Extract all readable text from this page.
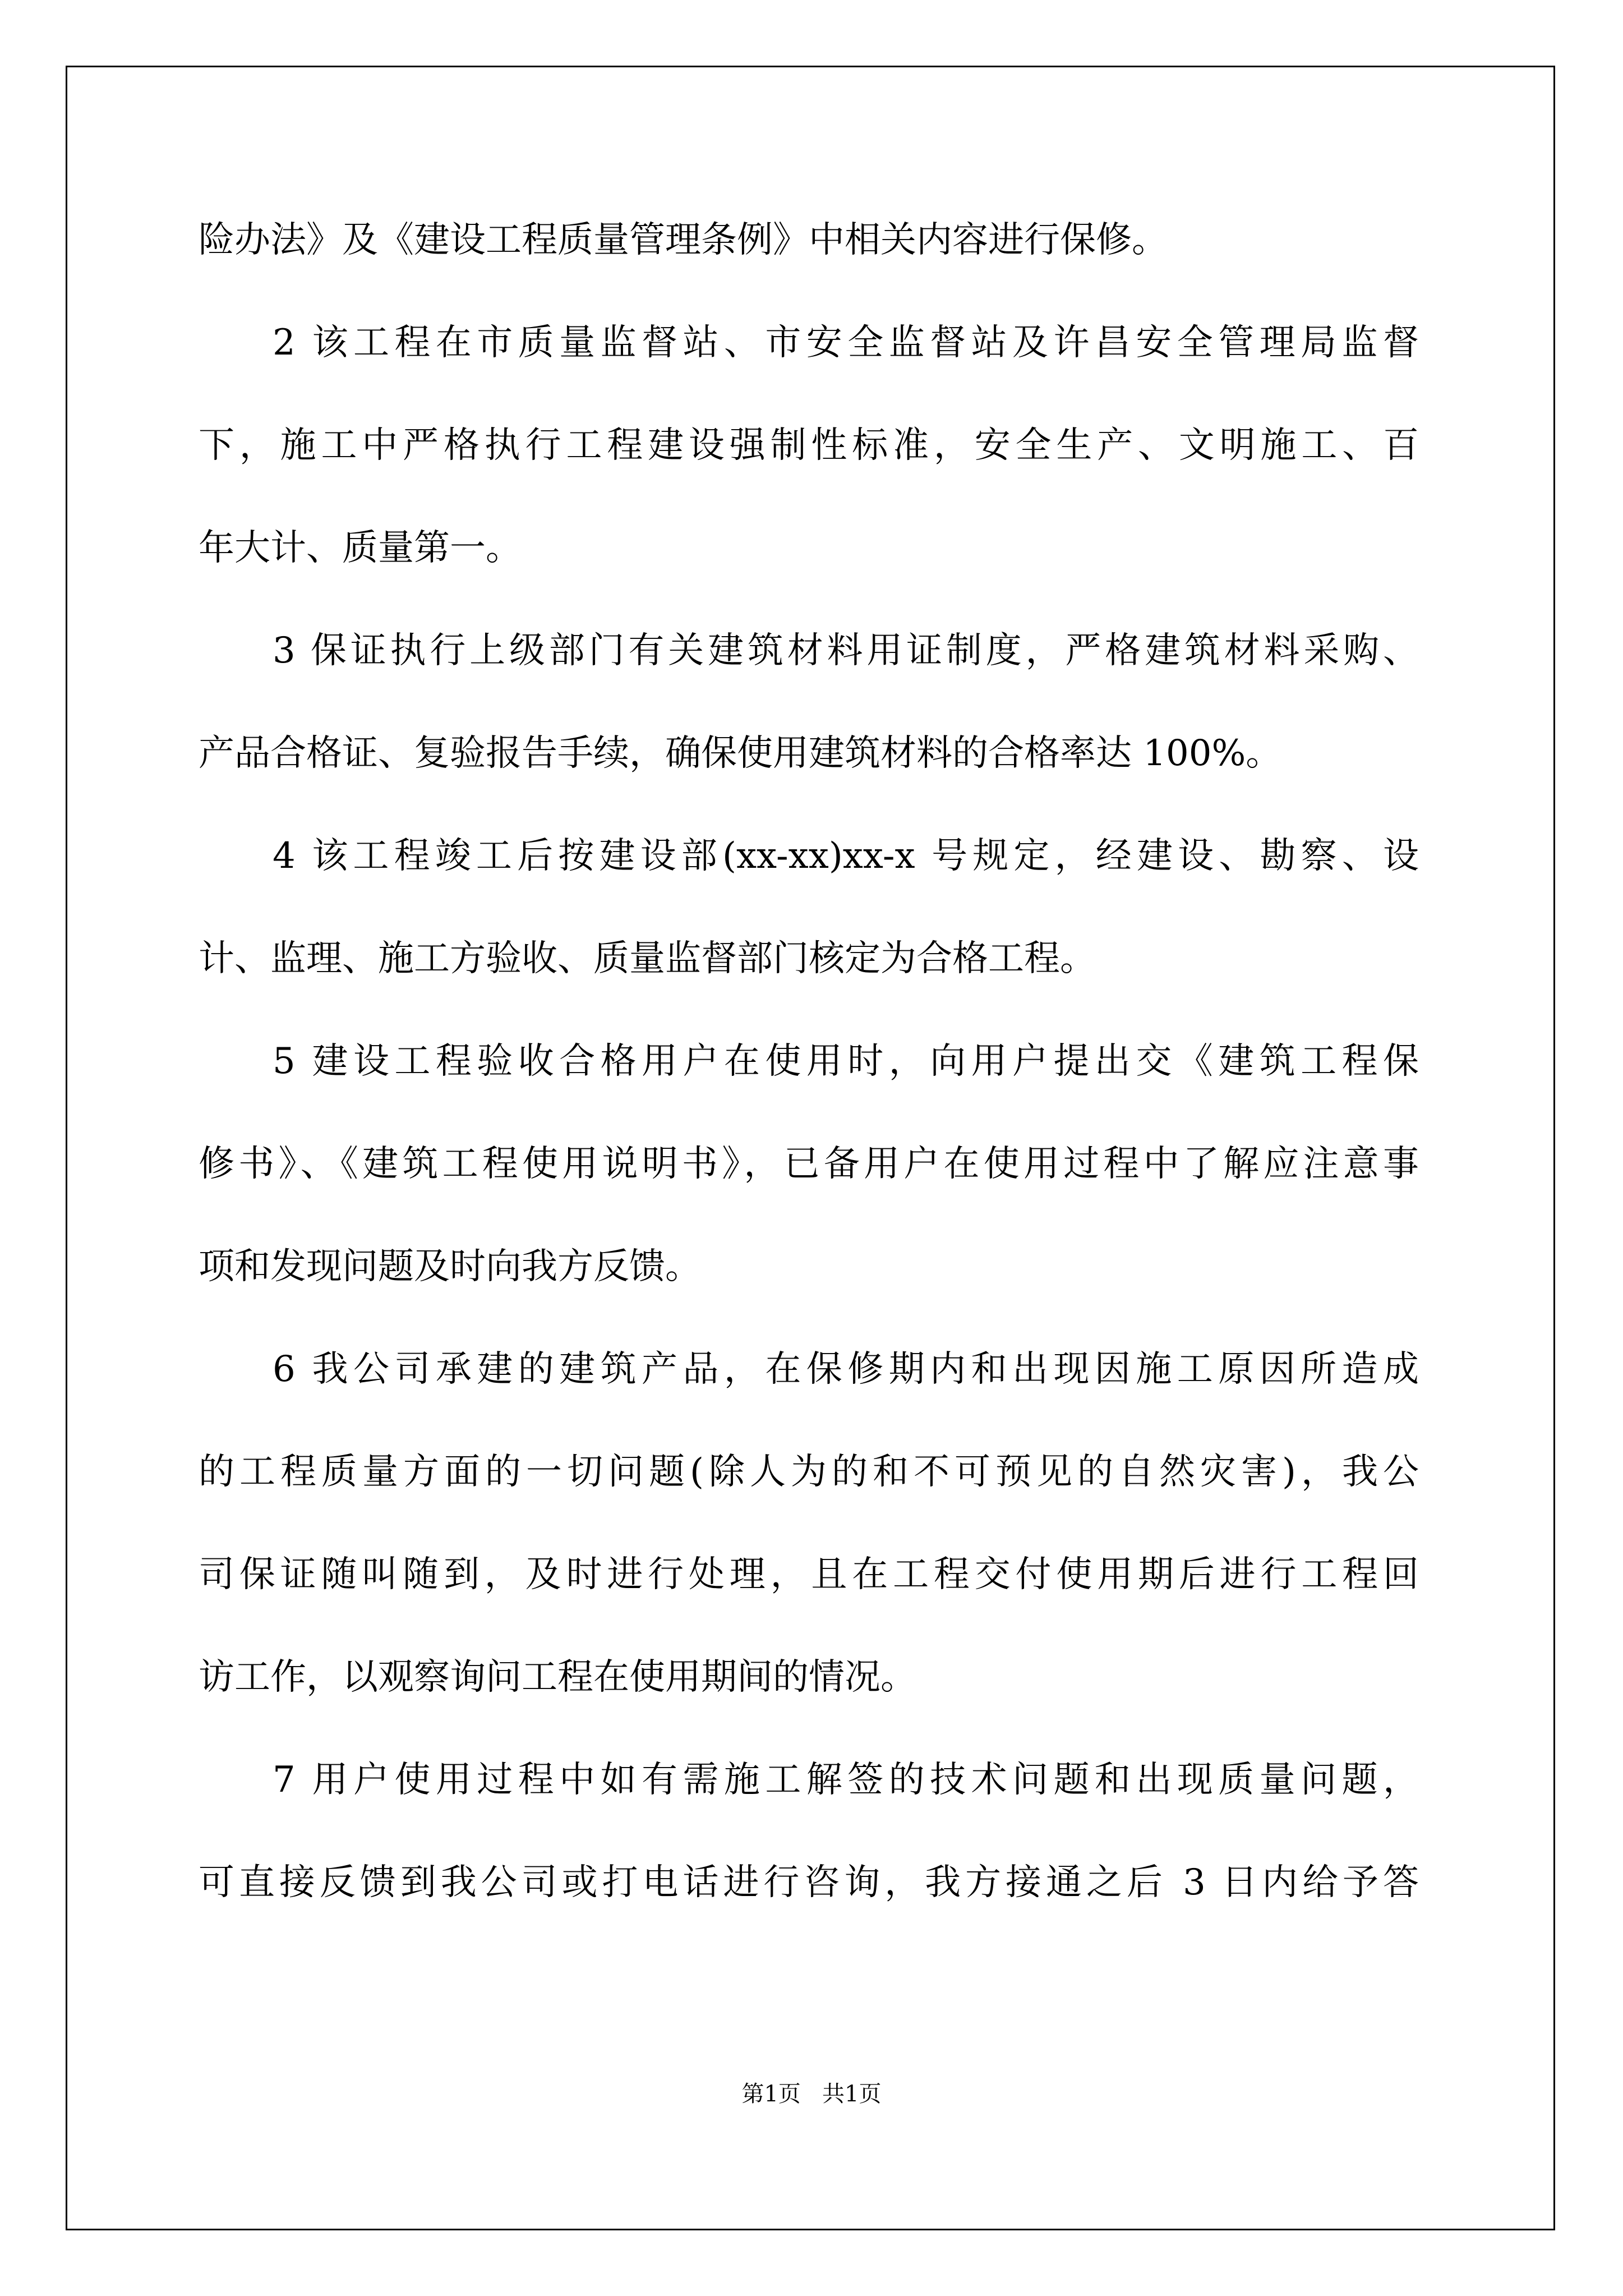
险办法》及《建设工程质量管理条例》中相关内容进行保修。
2 该工程在市质量监督站、市安全监督站及许昌安全管理局监督
下，施工中严格执行工程建设强制性标准，安全生产、文明施工、百
年大计、质量第一。
3 保证执行上级部门有关建筑材料用证制度，严格建筑材料采购、
产品合格证、复验报告手续，确保使用建筑材料的合格率达 100%。
4 该工程竣工后按建设部(xx-xx)xx-x 号规定，经建设、勘察、设
计、监理、施工方验收、质量监督部门核定为合格工程。
5 建设工程验收合格用户在使用时，向用户提出交《建筑工程保
修书》、《建筑工程使用说明书》，已备用户在使用过程中了解应注意事
项和发现问题及时向我方反馈。
6 我公司承建的建筑产品，在保修期内和出现因施工原因所造成
的工程质量方面的一切问题(除人为的和不可预见的自然灾害)，我公
司保证随叫随到，及时进行处理，且在工程交付使用期后进行工程回
访工作，以观察询问工程在使用期间的情况。
7 用户使用过程中如有需施工解签的技术问题和出现质量问题，
可直接反馈到我公司或打电话进行咨询，我方接通之后 3 日内给予答
第1页   共1页
